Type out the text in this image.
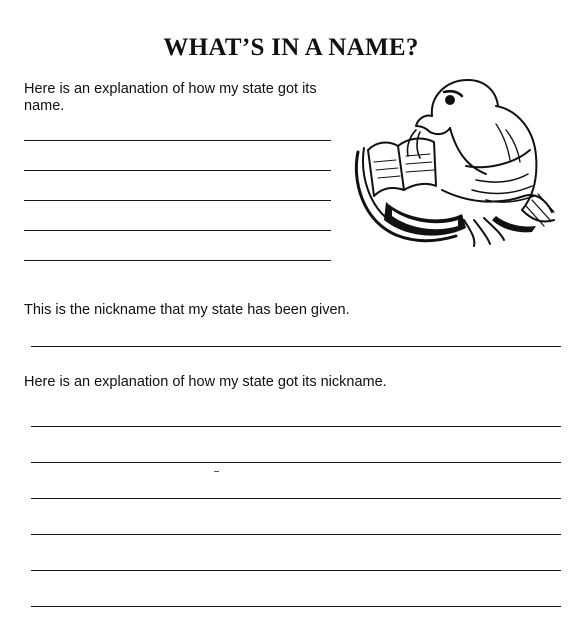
WHAT’S IN A NAME?
Here is an explanation of how my state got its name.
This is the nickname that my state has been given.
Here is an explanation of how my state got its nickname.
